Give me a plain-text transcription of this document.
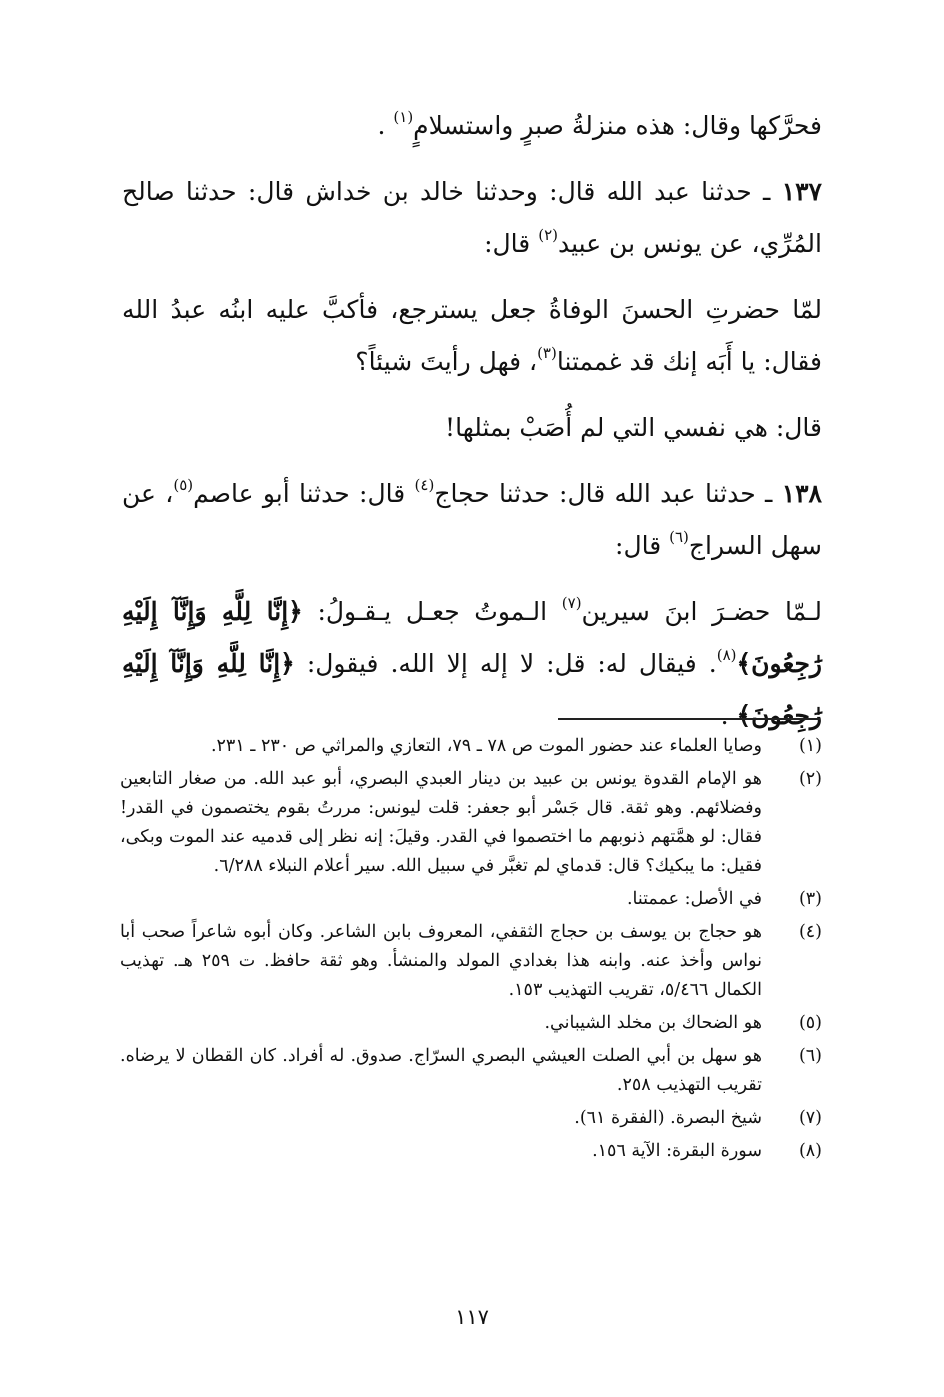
فحرَّكها وقال: هذه منزلةُ صبرٍ واستسلامٍ$^{(١)}$ .

١٣٧ ـ حدثنا عبد الله قال: وحدثنا خالد بن خداش قال: حدثنا صالح المُرِّي، عن يونس بن عبيد$^{(٢)}$ قال:

لمّا حضرتِ الحسنَ الوفاةُ جعل يسترجع، فأكبَّ عليه ابنُه عبدُ الله فقال: يا أَبَه إنك قد غممتنا$^{(٣)}$، فهل رأيتَ شيئاً؟

قال: هي نفسي التي لم أُصَبْ بمثلها!

١٣٨ ـ حدثنا عبد الله قال: حدثنا حجاج$^{(٤)}$ قال: حدثنا أبو عاصم$^{(٥)}$، عن سهل السراج$^{(٦)}$ قال:

لـمّا حضـرَ ابنَ سيرين$^{(٧)}$ الـموتُ جعـل يـقـولُ: ﴿إِنَّا لِلَّهِ وَإِنَّآ إِلَيْهِ رَٰجِعُونَ﴾$^{(٨)}$. فيقال له: قل: لا إله إلا الله. فيقول: ﴿إِنَّا لِلَّهِ وَإِنَّآ إِلَيْهِ رَٰجِعُونَ﴾ .

(١)
وصايا العلماء عند حضور الموت ص ٧٨ ـ ٧٩، التعازي والمراثي ص ٢٣٠ ـ ٢٣١.
(٢)
هو الإمام القدوة يونس بن عبيد بن دينار العبدي البصري، أبو عبد الله. من صغار التابعين وفضلائهم. وهو ثقة. قال جَسْر أبو جعفر: قلت ليونس: مررتُ بقوم يختصمون في القدر! فقال: لو همَّتهم ذنوبهم ما اختصموا في القدر. وقيلَ: إنه نظر إلى قدميه عند الموت وبكى، فقيل: ما يبكيك؟ قال: قدماي لم تغبَّر في سبيل الله. سير أعلام النبلاء ٦/٢٨٨.
(٣)
في الأصل: عممتنا.
(٤)
هو حجاج بن يوسف بن حجاج الثقفي، المعروف بابن الشاعر. وكان أبوه شاعراً صحب أبا نواس وأخذ عنه. وابنه هذا بغدادي المولد والمنشأ. وهو ثقة حافظ. ت ٢٥٩ هـ. تهذيب الكمال ٥/٤٦٦، تقريب التهذيب ١٥٣.
(٥)
هو الضحاك بن مخلد الشيباني.
(٦)
هو سهل بن أبي الصلت العيشي البصري السرّاج. صدوق. له أفراد. كان القطان لا يرضاه. تقريب التهذيب ٢٥٨.
(٧)
شيخ البصرة. (الفقرة ٦١).
(٨)
سورة البقرة: الآية ١٥٦.
١١٧
